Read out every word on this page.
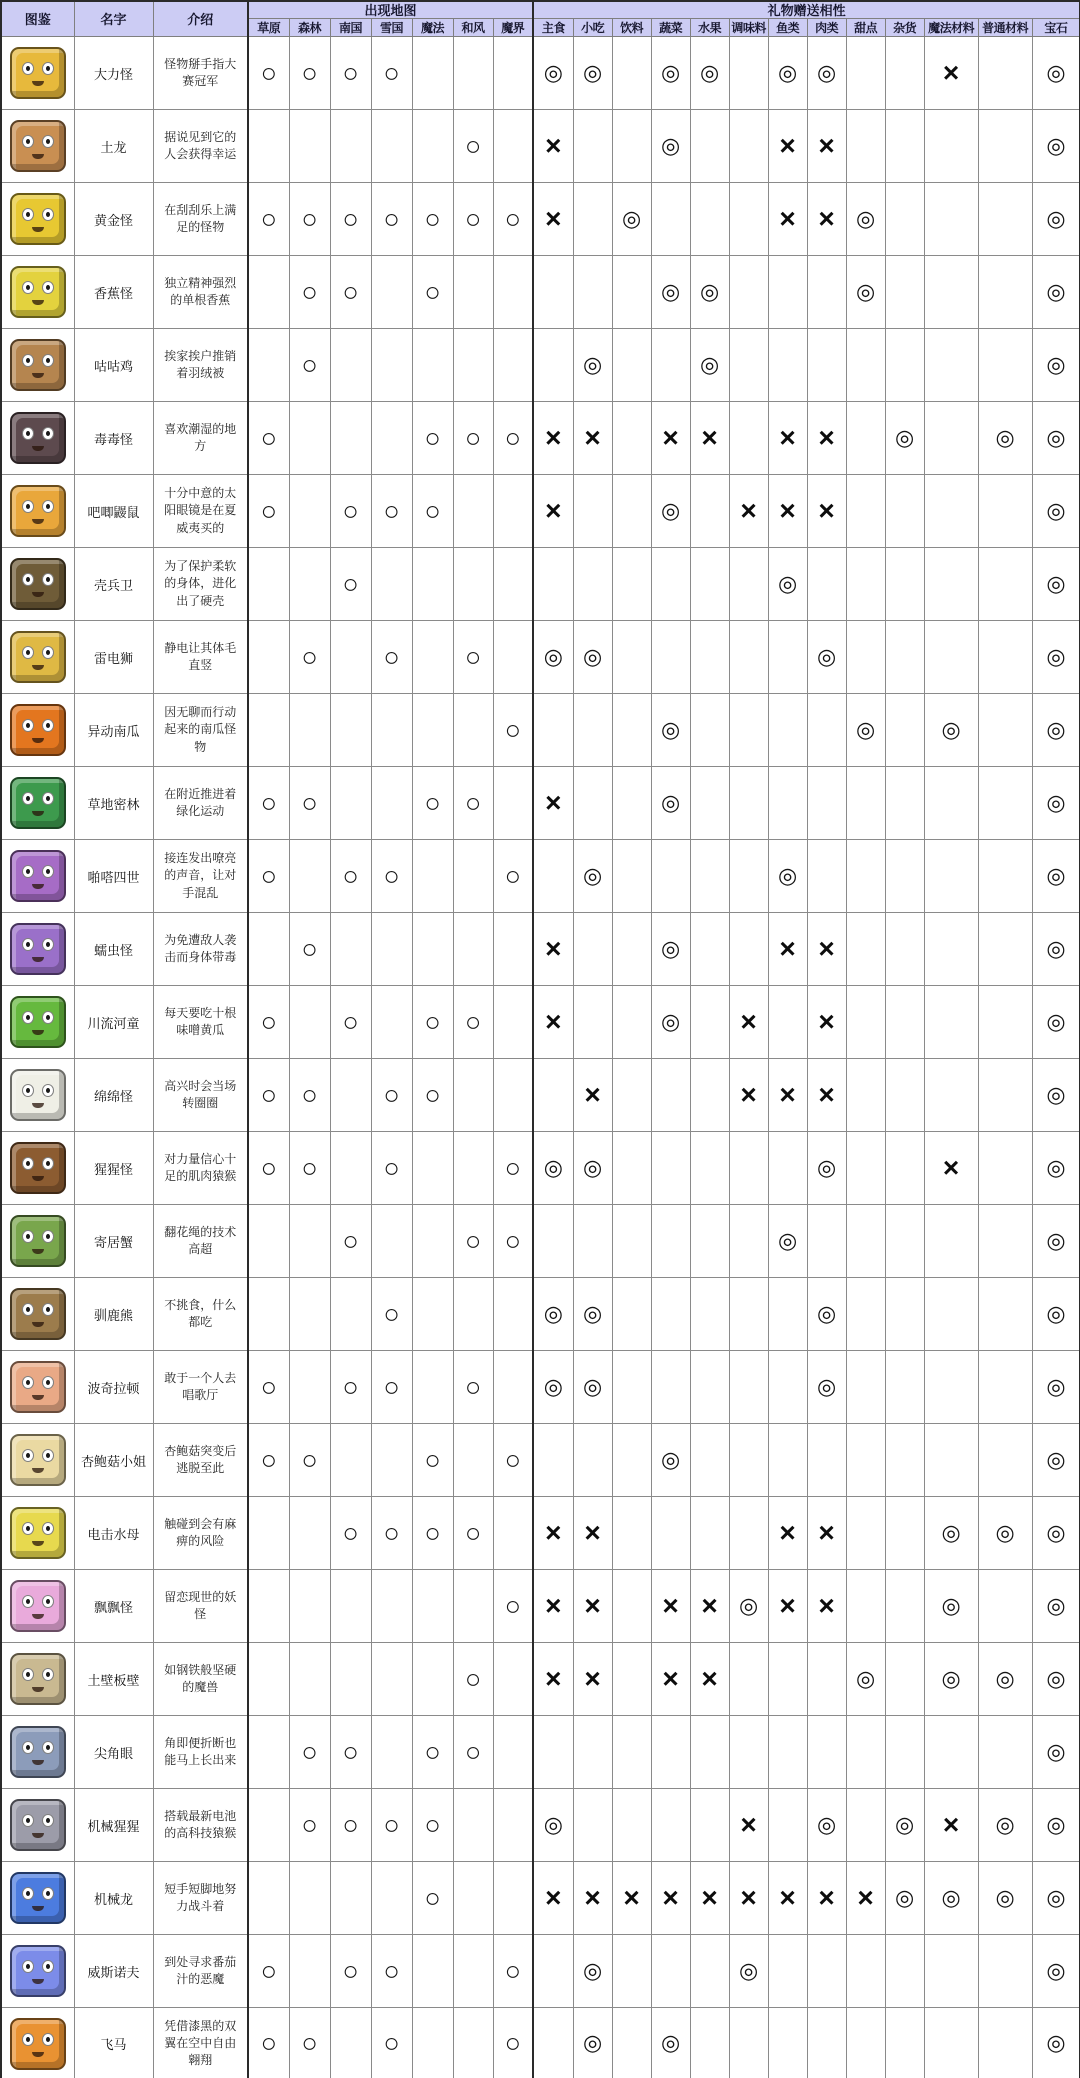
图鉴	名字	介绍	出现地图							礼物赠送相性												
			草原	森林	南国	雪国	魔法	和风	魔界	主食	小吃	饮料	蔬菜	水果	调味料	鱼类	肉类	甜点	杂货	魔法材料	普通材料	宝石

	大力怪	怪物掰手指大赛冠军	○	○	○	○				◎	◎		◎	◎		◎	◎			×		◎

	土龙	据说见到它的人会获得幸运						○		×			◎			×	×					◎

	黄金怪	在刮刮乐上满足的怪物	○	○	○	○	○	○	○	×		◎				×	×	◎				◎

	香蕉怪	独立精神强烈的单根香蕉		○	○		○						◎	◎				◎				◎

	咕咕鸡	挨家挨户推销着羽绒被		○							◎			◎								◎

	毒毒怪	喜欢潮湿的地方	○				○	○	○	×	×		×	×		×	×		◎		◎	◎

	吧唧鼹鼠	十分中意的太阳眼镜是在夏威夷买的	○		○	○	○			×			◎		×	×	×					◎

	壳兵卫	为了保护柔软的身体，进化出了硬壳			○											◎						◎

	雷电狮	静电让其体毛直竖		○		○		○		◎	◎						◎					◎

	异动南瓜	因无聊而行动起来的南瓜怪物							○				◎					◎		◎		◎

	草地密林	在附近推进着绿化运动	○	○			○	○		×			◎									◎

	啪嗒四世	接连发出嘹亮的声音，让对手混乱	○		○	○			○		◎					◎						◎

	蠕虫怪	为免遭敌人袭击而身体带毒		○						×			◎			×	×					◎

	川流河童	每天要吃十根味噌黄瓜	○		○		○	○		×			◎		×		×					◎

	绵绵怪	高兴时会当场转圈圈	○	○		○	○				×				×	×	×					◎

	猩猩怪	对力量信心十足的肌肉猿猴	○	○		○			○	◎	◎						◎			×		◎

	寄居蟹	翻花绳的技术高超			○			○	○							◎						◎

	驯鹿熊	不挑食，什么都吃				○				◎	◎						◎					◎

	波奇拉顿	敢于一个人去唱歌厅	○		○	○		○		◎	◎						◎					◎

	杏鲍菇小姐	杏鲍菇突变后逃脱至此	○	○			○		○				◎									◎

	电击水母	触碰到会有麻痹的风险			○	○	○	○		×	×					×	×			◎	◎	◎

	飘飘怪	留恋现世的妖怪							○	×	×		×	×	◎	×	×			◎		◎

	土壁板壁	如钢铁般坚硬的魔兽						○		×	×		×	×				◎		◎	◎	◎

	尖角眼	角即便折断也能马上长出来		○	○		○	○														◎

	机械猩猩	搭载最新电池的高科技猿猴		○	○	○	○			◎					×		◎		◎	×	◎	◎

	机械龙	短手短脚地努力战斗着					○			×	×	×	×	×	×	×	×	×	◎	◎	◎	◎

	威斯诺夫	到处寻求番茄汁的恶魔	○		○	○			○		◎				◎							◎

	飞马	凭借漆黑的双翼在空中自由翱翔	○	○		○			○		◎		◎									◎
